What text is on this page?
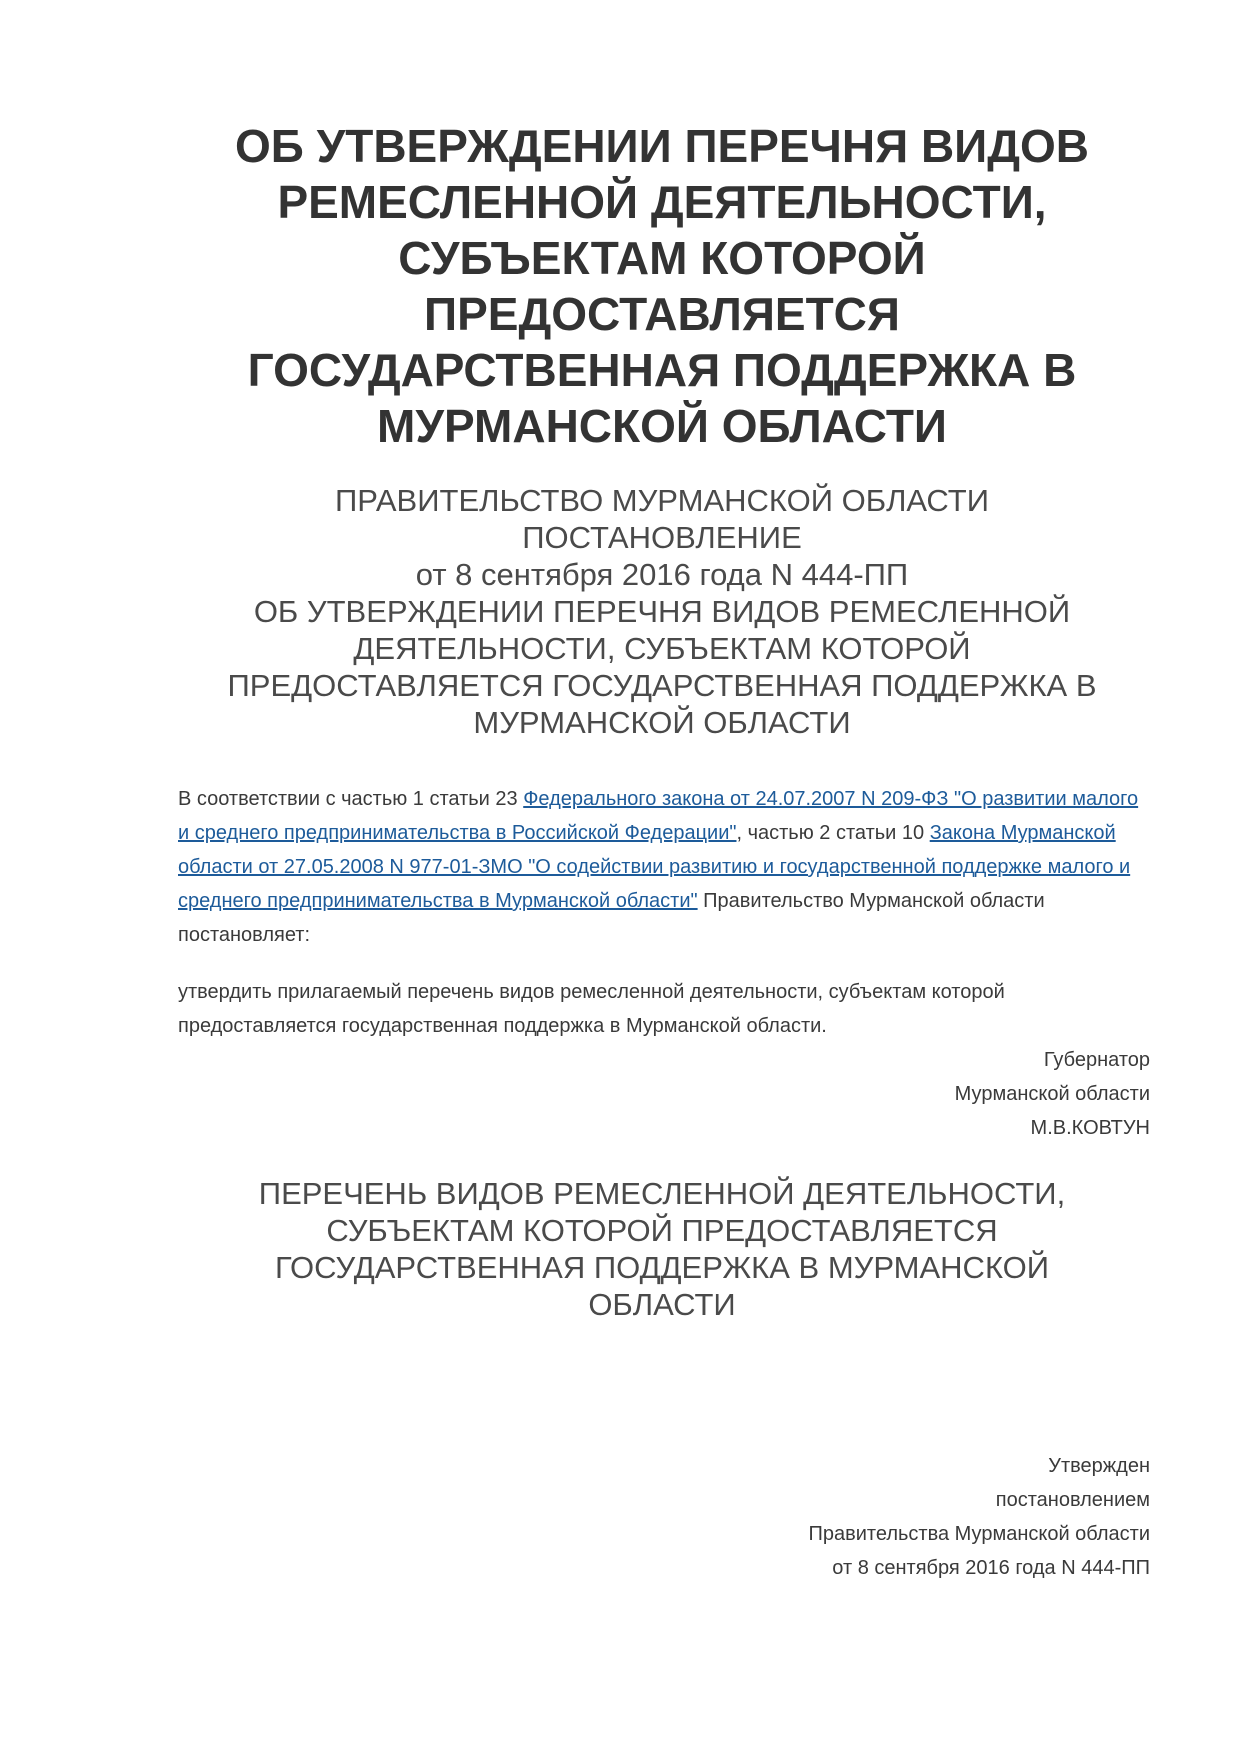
ОБ УТВЕРЖДЕНИИ ПЕРЕЧНЯ ВИДОВ
РЕМЕСЛЕННОЙ ДЕЯТЕЛЬНОСТИ,
СУБЪЕКТАМ КОТОРОЙ
ПРЕДОСТАВЛЯЕТСЯ
ГОСУДАРСТВЕННАЯ ПОДДЕРЖКА В
МУРМАНСКОЙ ОБЛАСТИ
ПРАВИТЕЛЬСТВО МУРМАНСКОЙ ОБЛАСТИ
ПОСТАНОВЛЕНИЕ
от 8 сентября 2016 года N 444-ПП
ОБ УТВЕРЖДЕНИИ ПЕРЕЧНЯ ВИДОВ РЕМЕСЛЕННОЙ
ДЕЯТЕЛЬНОСТИ, СУБЪЕКТАМ КОТОРОЙ
ПРЕДОСТАВЛЯЕТСЯ ГОСУДАРСТВЕННАЯ ПОДДЕРЖКА В
МУРМАНСКОЙ ОБЛАСТИ

В соответствии с частью 1 статьи 23 Федерального закона от 24.07.2007 N 209-ФЗ "О развитии малого и среднего предпринимательства в Российской Федерации", частью 2 статьи 10 Закона Мурманской области от 27.05.2008 N 977-01-ЗМО "О содействии развитию и государственной поддержке малого и среднего предпринимательства в Мурманской области" Правительство Мурманской области постановляет:

утвердить прилагаемый перечень видов ремесленной деятельности, субъектам которой предоставляется государственная поддержка в Мурманской области.

Губернатор
Мурманской области
М.В.КОВТУН
ПЕРЕЧЕНЬ ВИДОВ РЕМЕСЛЕННОЙ ДЕЯТЕЛЬНОСТИ,
СУБЪЕКТАМ КОТОРОЙ ПРЕДОСТАВЛЯЕТСЯ
ГОСУДАРСТВЕННАЯ ПОДДЕРЖКА В МУРМАНСКОЙ
ОБЛАСТИ
Утвержден
постановлением
Правительства Мурманской области
от 8 сентября 2016 года N 444-ПП
